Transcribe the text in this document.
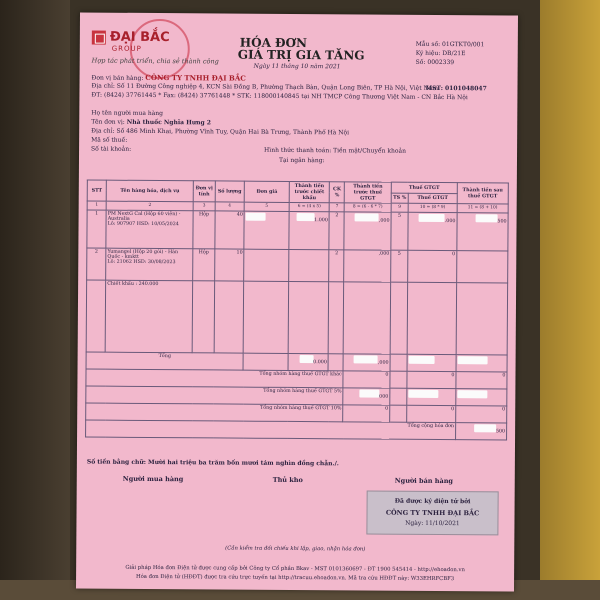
ĐẠI BẮC
GROUP
Hợp tác phát triển, chia sẻ thành công
HÓA ĐƠN
GIÁ TRỊ GIA TĂNG
Ngày 11 tháng 10 năm 2021
Mẫu số: 01GTKT0/001
Ký hiệu: DB/21E
Số: 0002339
Đơn vị bán hàng: CÔNG TY TNHH ĐẠI BẮC
Địa chỉ: Số 11 Đường Công nghiệp 4, KCN Sài Đồng B, Phường Thạch Bàn, Quận Long Biên, TP Hà Nội, Việt Nam
ĐT: (8424) 37761445 * Fax: (8424) 37761448 * STK: 118000140845 tại NH TMCP Công Thương Việt Nam - CN Bắc Hà Nội
MST: 0101048047
Họ tên người mua hàng
Tên đơn vị: Nhà thuốc Nghĩa Hưng 2
Địa chỉ: Số 486 Minh Khai, Phường Vĩnh Tuy, Quận Hai Bà Trưng, Thành Phố Hà Nội
Mã số thuế:
Số tài khoản:	Hình thức thanh toán: Tiền mặt/Chuyển khoản
Tại ngân hàng:
STT	Tên hàng hóa, dịch vụ	Đơn vị tính	Số lượng	Đơn giá	Thành tiền trước chiết khấu	CK %	Thành tiền trước thuế GTGT	Thuế GTGT		Thành tiền sau thuế GTGT
								TS %	Thuế GTGT	
1	2	3	4	5	6 = (4 x 5)	7	8 = (6 - 6 * 7)	9	10 = (8 * 9)	11 = (8 + 10)
1	PM NextG Cal (Hộp 60 viên) - Australia
Lô: 907907 HSD: 10/05/2024	Hộp	40		1.000	2	,000	5	.000	500
2	Yumangel (Hộp 20 gói) - Hàn Quốc - kmktt
Lô: 21062 HSD: 30/08/2023	Hộp	10			2	,000	5	0	
	Chiết khấu : 240.000									
Tổng					0.000		,000			
Tổng nhóm hàng thuế GTGT khác							0		0	0
Tổng nhóm hàng thuế GTGT 5%							000			
Tổng nhóm hàng thuế GTGT 10%							0		0	0
Tổng cộng hóa đơn										500
Số tiền bằng chữ: Mười hai triệu ba trăm bốn mươi tám nghìn đồng chẵn./.
Người mua hàng	Thủ kho	Người bán hàng
Đã được ký điện tử bởi
CÔNG TY TNHH ĐẠI BẮC
Ngày: 11/10/2021
(Cần kiểm tra đối chiếu khi lập, giao, nhận hóa đơn)
Giải pháp Hóa đơn Điện tử được cung cấp bởi Công ty Cổ phần Bkav - MST 0101360697 - ĐT 1900 545414 - http://ehoadon.vn
Hóa đơn Điện tử (HĐĐT) được tra cứu trực tuyến tại http://tracuu.ehoadon.vn. Mã tra cứu HĐĐT này: W33EHRFCBF3
